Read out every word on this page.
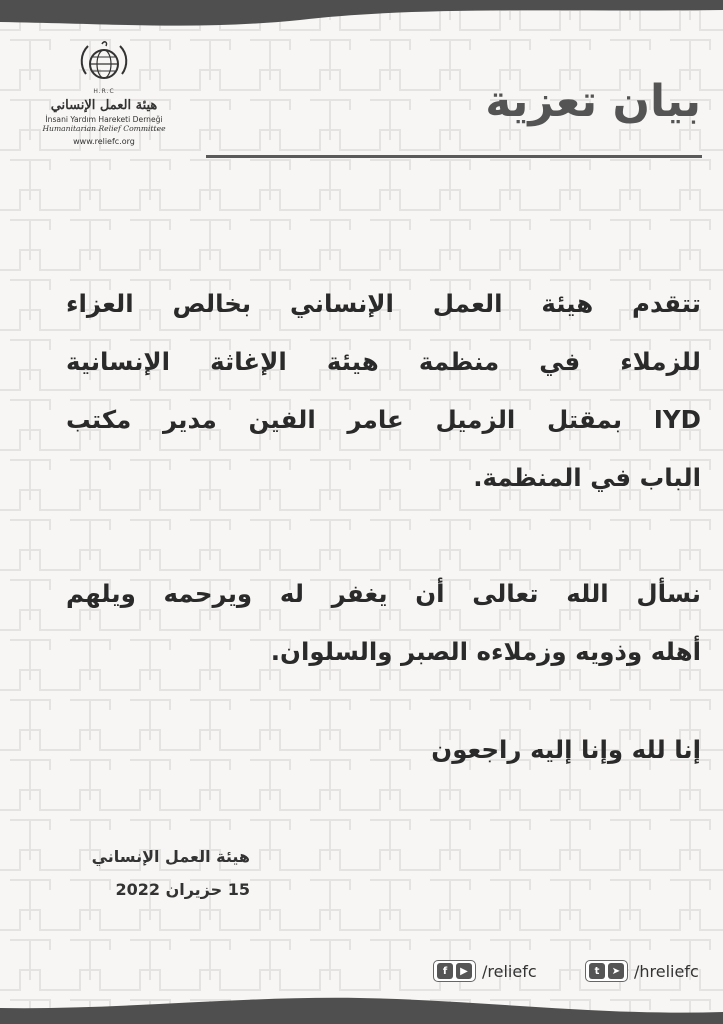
H.R.C
هيئة العمل الإنساني
İnsani Yardım Hareketi Derneği
Humanitarian Relief Committee
www.reliefc.org
بيان تعزية

تتقدم هيئة العمل الإنساني بخالص العزاء
للزملاء في منظمة هيئة الإغاثة الإنسانية
IYD بمقتل الزميل عامر الفين مدير مكتب
الباب في المنظمة.

نسأل الله تعالى أن يغفر له ويرحمه ويلهم
أهله وذويه وزملاءه الصبر والسلوان.

إنا لله وإنا إليه راجعون

هيئة العمل الإنساني

15 حزيران 2022

f	▶ /reliefc	t	➤ /hreliefc
